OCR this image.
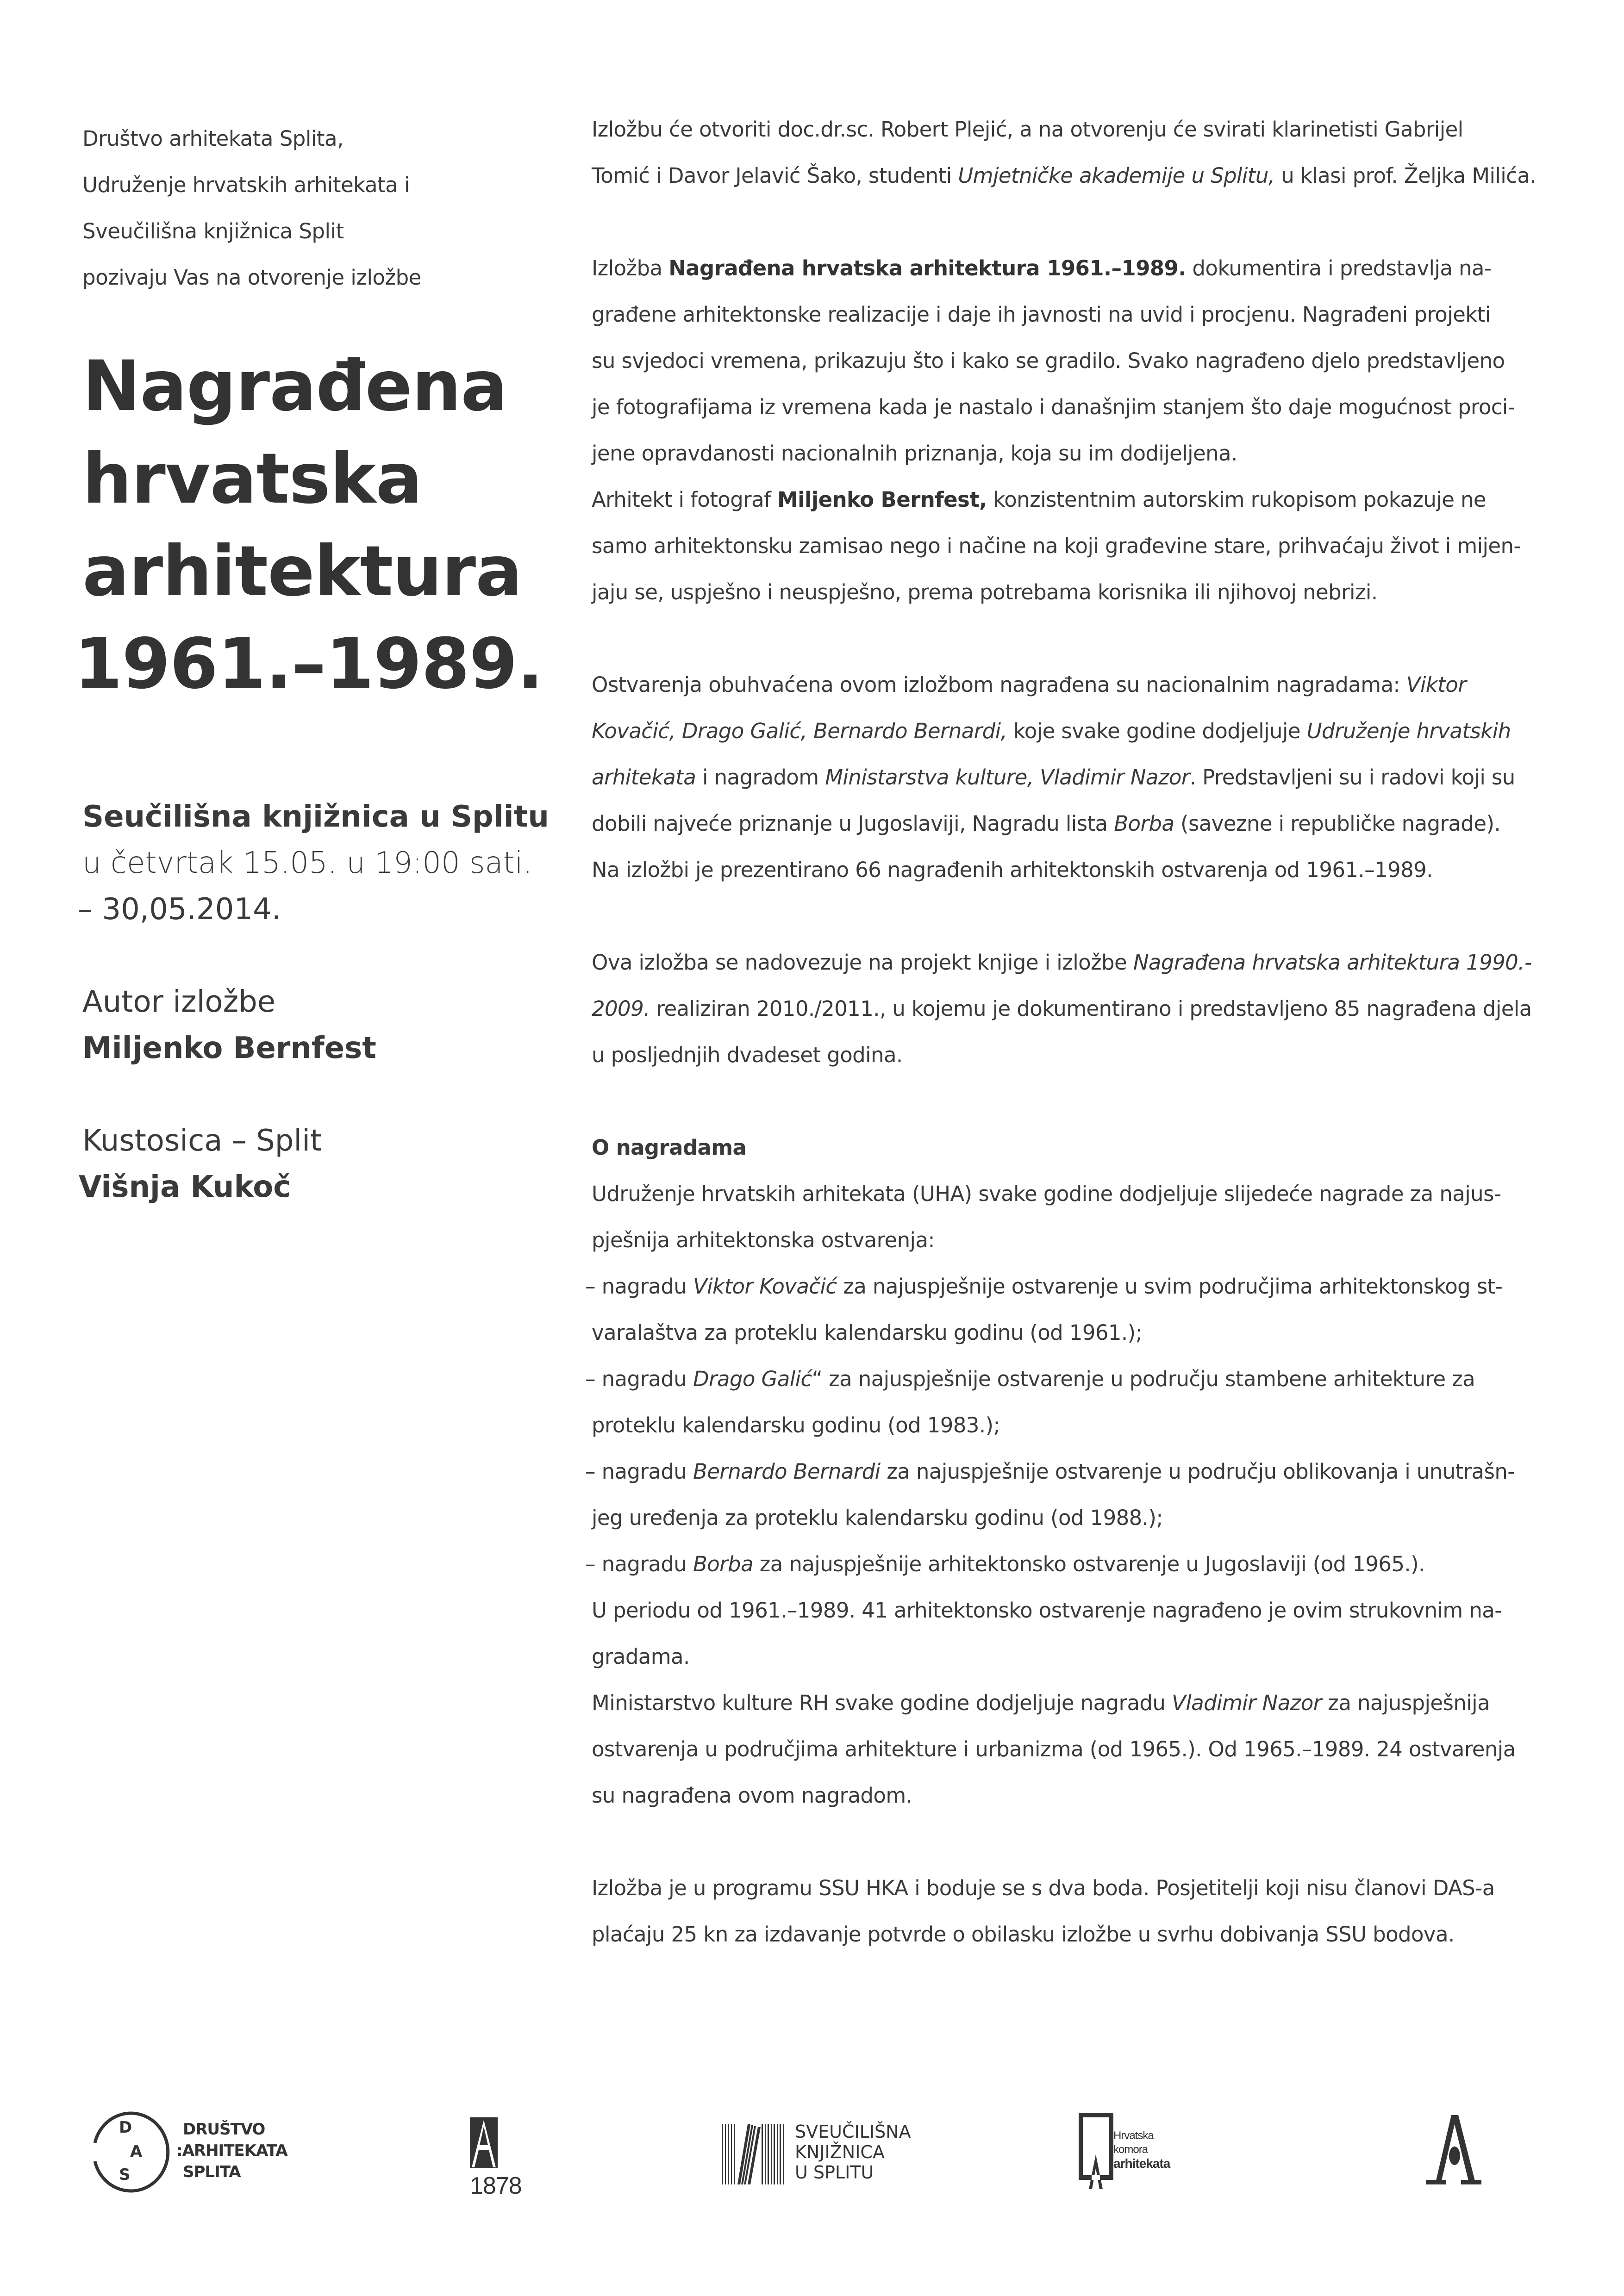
Društvo arhitekata Splita,
Udruženje hrvatskih arhitekata i
Sveučilišna knjižnica Split
pozivaju Vas na otvorenje izložbe
Nagrađena
hrvatska
arhitektura
1961.–1989.
Seučilišna knjižnica u Splitu
u četvrtak 15.05. u 19:00 sati.
– 30,05.2014.
Autor izložbe
Miljenko Bernfest
Kustosica – Split
Višnja Kukoč

Izložbu će otvoriti doc.dr.sc. Robert Plejić, a na otvorenju će svirati klarinetisti Gabrijel

Tomić i Davor Jelavić Šako, studenti Umjetničke akademije u Splitu, u klasi prof. Željka Milića.

Izložba Nagrađena hrvatska arhitektura 1961.–1989. dokumentira i predstavlja na-

građene arhitektonske realizacije i daje ih javnosti na uvid i procjenu. Nagrađeni projekti

su svjedoci vremena, prikazuju što i kako se gradilo. Svako nagrađeno djelo predstavljeno

je fotografijama iz vremena kada je nastalo i današnjim stanjem što daje mogućnost proci-

jene opravdanosti nacionalnih priznanja, koja su im dodijeljena.

Arhitekt i fotograf Miljenko Bernfest, konzistentnim autorskim rukopisom pokazuje ne

samo arhitektonsku zamisao nego i načine na koji građevine stare, prihvaćaju život i mijen-

jaju se, uspješno i neuspješno, prema potrebama korisnika ili njihovoj nebrizi.

Ostvarenja obuhvaćena ovom izložbom nagrađena su nacionalnim nagradama: Viktor

Kovačić, Drago Galić, Bernardo Bernardi, koje svake godine dodjeljuje Udruženje hrvatskih

arhitekata i nagradom Ministarstva kulture, Vladimir Nazor. Predstavljeni su i radovi koji su

dobili najveće priznanje u Jugoslaviji, Nagradu lista Borba (savezne i republičke nagrade).

Na izložbi je prezentirano 66 nagrađenih arhitektonskih ostvarenja od 1961.–1989.

Ova izložba se nadovezuje na projekt knjige i izložbe Nagrađena hrvatska arhitektura 1990.-

2009. realiziran 2010./2011., u kojemu je dokumentirano i predstavljeno 85 nagrađena djela

u posljednjih dvadeset godina.

O nagradama

Udruženje hrvatskih arhitekata (UHA) svake godine dodjeljuje slijedeće nagrade za najus-

pješnija arhitektonska ostvarenja:

– nagradu Viktor Kovačić za najuspješnije ostvarenje u svim područjima arhitektonskog st-

varalaštva za proteklu kalendarsku godinu (od 1961.);

– nagradu Drago Galić“ za najuspješnije ostvarenje u području stambene arhitekture za

proteklu kalendarsku godinu (od 1983.);

– nagradu Bernardo Bernardi za najuspješnije ostvarenje u području oblikovanja i unutrašn-

jeg uređenja za proteklu kalendarsku godinu (od 1988.);

– nagradu Borba za najuspješnije arhitektonsko ostvarenje u Jugoslaviji (od 1965.).

U periodu od 1961.–1989. 41 arhitektonsko ostvarenje nagrađeno je ovim strukovnim na-

gradama.

Ministarstvo kulture RH svake godine dodjeljuje nagradu Vladimir Nazor za najuspješnija

ostvarenja u područjima arhitekture i urbanizma (od 1965.). Od 1965.–1989. 24 ostvarenja

su nagrađena ovom nagradom.

Izložba je u programu SSU HKA i boduje se s dva boda. Posjetitelji koji nisu članovi DAS-a

plaćaju 25 kn za izdavanje potvrde o obilasku izložbe u svrhu dobivanja SSU bodova.

D
A
S
DRUŠTVO
:ARHITEKATA
SPLITA
1878
SVEUČILIŠNA
KNJIŽNICA
U SPLITU
Hrvatska
komora
arhitekata
